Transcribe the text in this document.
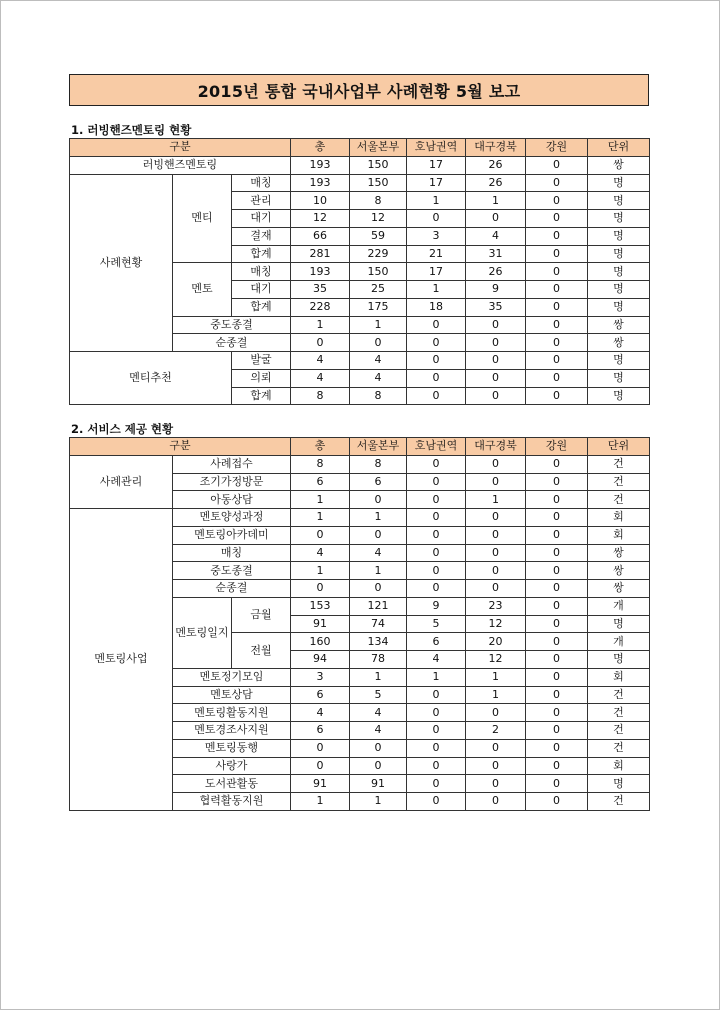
2015년 통합 국내사업부 사례현황 5월 보고
1. 러빙핸즈멘토링 현황
구분			총	서울본부	호남권역	대구경북	강원	단위
러빙핸즈멘토링			193	150	17	26	0	쌍
사례현황	멘티	매칭	193	150	17	26	0	명
		관리	10	8	1	1	0	명
		대기	12	12	0	0	0	명
		결재	66	59	3	4	0	명
		합계	281	229	21	31	0	명
	멘토	매칭	193	150	17	26	0	명
		대기	35	25	1	9	0	명
		합계	228	175	18	35	0	명
	중도종결		1	1	0	0	0	쌍
	순종결		0	0	0	0	0	쌍
멘티추천		발굴	4	4	0	0	0	명
		의뢰	4	4	0	0	0	명
		합계	8	8	0	0	0	명
2. 서비스 제공 현황
구분			총	서울본부	호남권역	대구경북	강원	단위
사례관리	사례접수		8	8	0	0	0	건
	조기가정방문		6	6	0	0	0	건
	아동상담		1	0	0	1	0	건
멘토링사업	멘토양성과정		1	1	0	0	0	회
	멘토링아카데미		0	0	0	0	0	회
	매칭		4	4	0	0	0	쌍
	중도종결		1	1	0	0	0	쌍
	순종결		0	0	0	0	0	쌍
	멘토링일지	금월	153	121	9	23	0	개
			91	74	5	12	0	명
		전월	160	134	6	20	0	개
			94	78	4	12	0	명
	멘토정기모임		3	1	1	1	0	회
	멘토상담		6	5	0	1	0	건
	멘토링활동지원		4	4	0	0	0	건
	멘토경조사지원		6	4	0	2	0	건
	멘토링동행		0	0	0	0	0	건
	사랑가		0	0	0	0	0	회
	도서관활동		91	91	0	0	0	명
	협력활동지원		1	1	0	0	0	건
